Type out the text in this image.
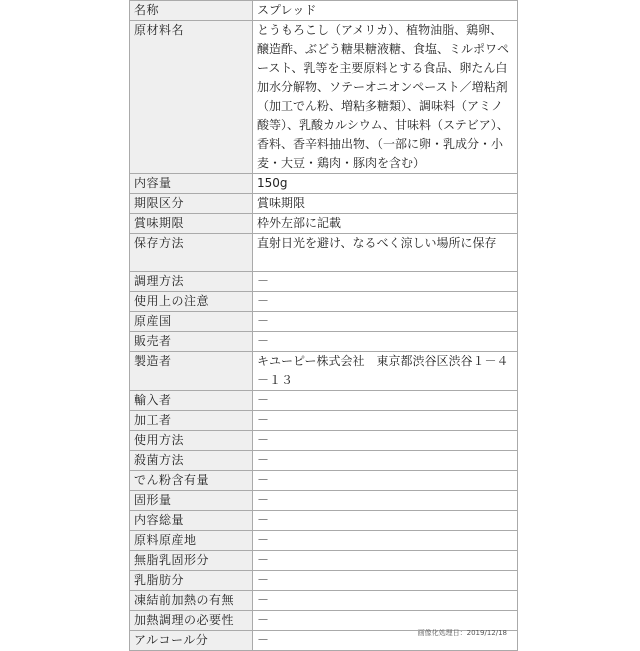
名称	スプレッド
原材料名	とうもろこし（アメリカ）、植物油脂、鶏卵、醸造酢、ぶどう糖果糖液糖、食塩、ミルポワペースト、乳等を主要原料とする食品、卵たん白加水分解物、ソテーオニオンペースト／増粘剤（加工でん粉、増粘多糖類）、調味料（アミノ酸等）、乳酸カルシウム、甘味料（ステビア）、香料、香辛料抽出物、（一部に卵・乳成分・小麦・大豆・鶏肉・豚肉を含む）
内容量	150g
期限区分	賞味期限
賞味期限	枠外左部に記載
保存方法	直射日光を避け、なるべく涼しい場所に保存
調理方法	－
使用上の注意	－
原産国	－
販売者	－
製造者	キユーピー株式会社　東京都渋谷区渋谷１－４－１３
輸入者	－
加工者	－
使用方法	－
殺菌方法	－
でん粉含有量	－
固形量	－
内容総量	－
原料原産地	－
無脂乳固形分	－
乳脂肪分	－
凍結前加熱の有無	－
加熱調理の必要性	－
アルコール分	－	画像化処理日：2019/12/18
